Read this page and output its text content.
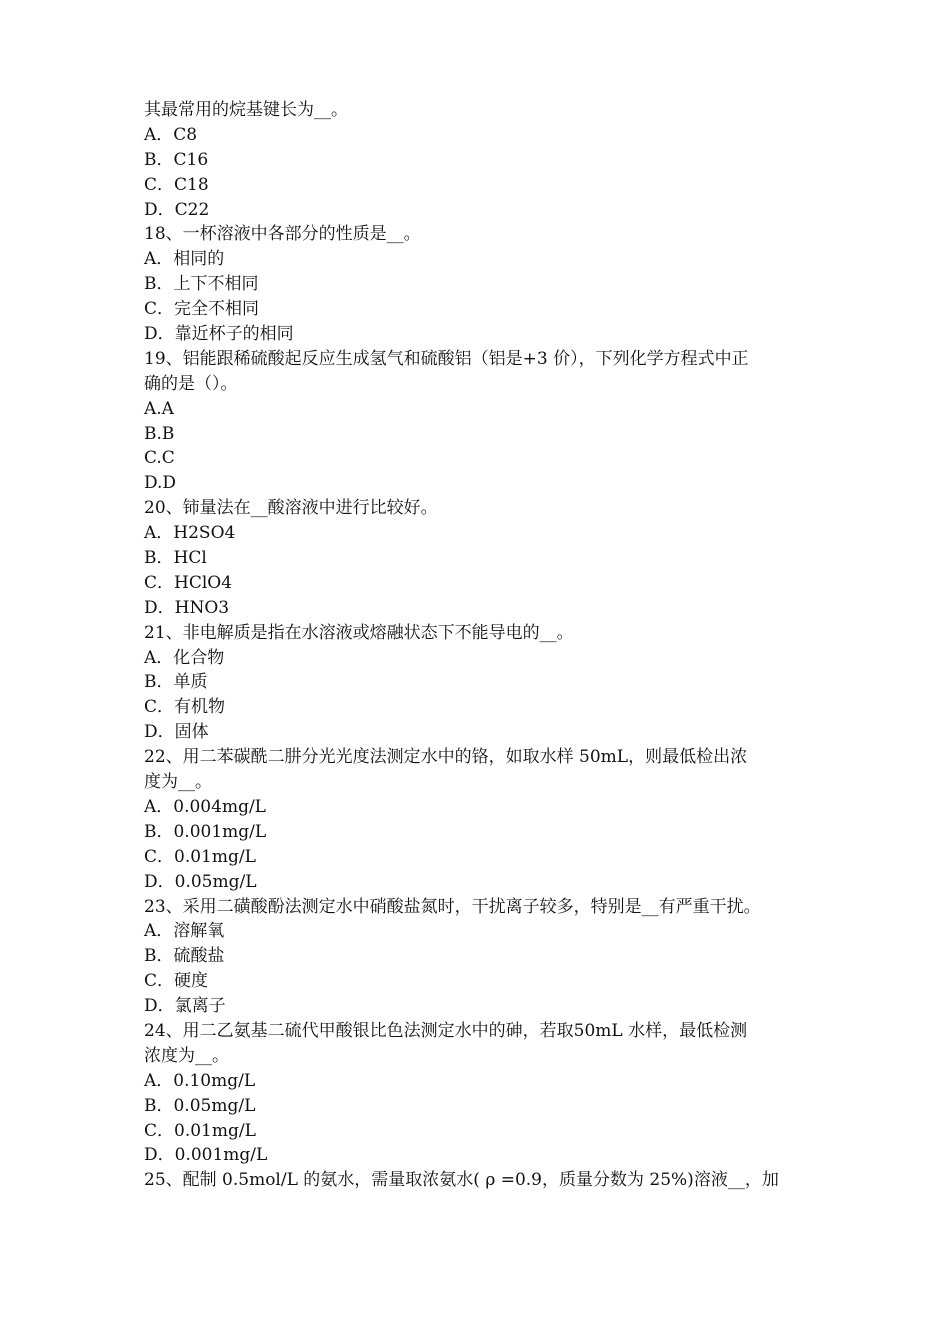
其最常用的烷基键长为__。
A．C8
B．C16
C．C18
D．C22
18、一杯溶液中各部分的性质是__。
A．相同的
B．上下不相同
C．完全不相同
D．靠近杯子的相同
19、铝能跟稀硫酸起反应生成氢气和硫酸铝（铝是+3 价），下列化学方程式中正
确的是（）。
A.A
B.B
C.C
D.D
20、铈量法在__酸溶液中进行比较好。
A．H2SO4
B．HCl
C．HClO4
D．HNO3
21、非电解质是指在水溶液或熔融状态下不能导电的__。
A．化合物
B．单质
C．有机物
D．固体
22、用二苯碳酰二肼分光光度法测定水中的铬，如取水样 50mL，则最低检出浓
度为__。
A．0.004mg/L
B．0.001mg/L
C．0.01mg/L
D．0.05mg/L
23、采用二磺酸酚法测定水中硝酸盐氮时，干扰离子较多，特别是__有严重干扰。
A．溶解氧
B．硫酸盐
C．硬度
D．氯离子
24、用二乙氨基二硫代甲酸银比色法测定水中的砷，若取50mL 水样，最低检测
浓度为__。
A．0.10mg/L
B．0.05mg/L
C．0.01mg/L
D．0.001mg/L
25、配制 0.5mol/L 的氨水，需量取浓氨水( ρ =0.9，质量分数为 25%)溶液__，加
